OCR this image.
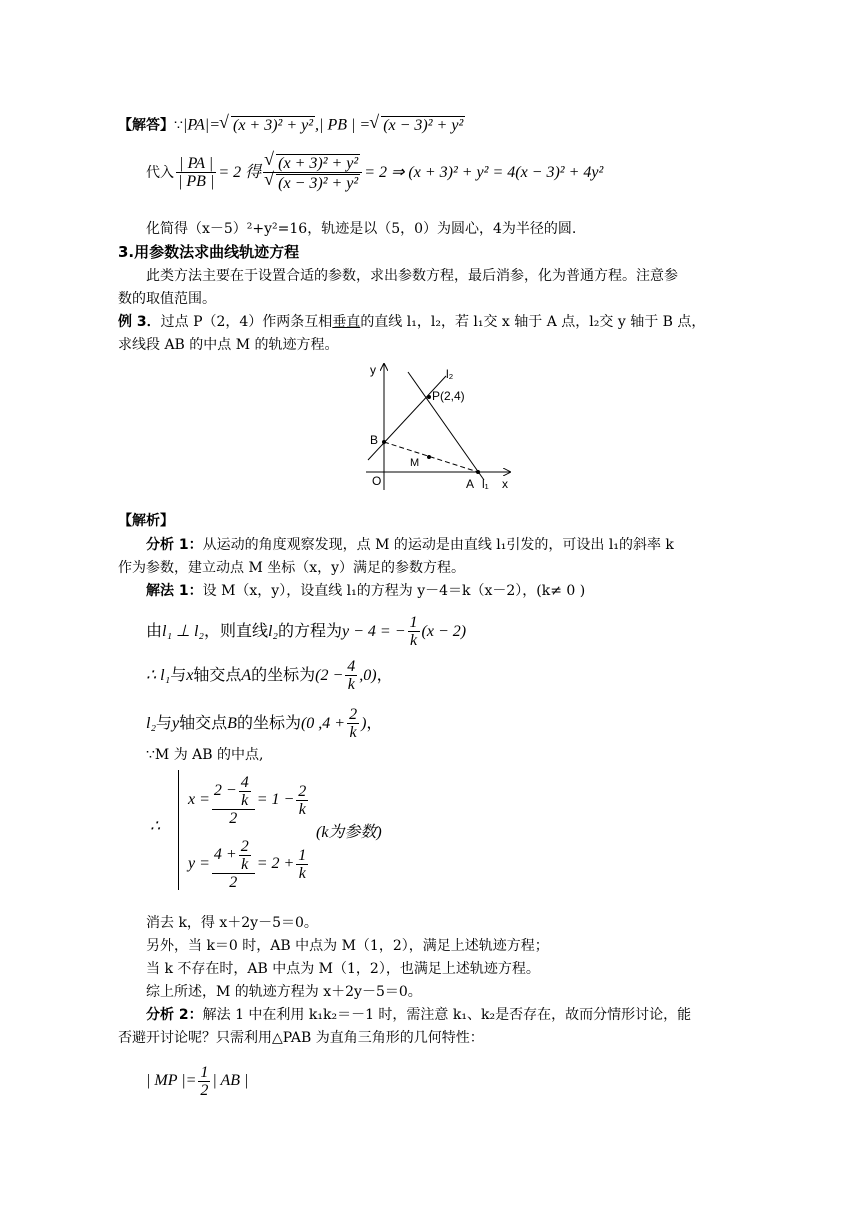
【解答】∵|PA|= √ (x + 3)² + y² ,| PB | = √ (x − 3)² + y²
代入 $\frac{| PA |}{| PB |} = 2$ 得 √ (x + 3)² + y²
√ (x − 3)² + y² = 2 ⇒ (x + 3)² + y² = 4(x − 3)² + 4y²
化简得（x－5）²+y²=16，轨迹是以（5，0）为圆心，4为半径的圆.
3.用参数法求曲线轨迹方程
此类方法主要在于设置合适的参数，求出参数方程，最后消参，化为普通方程。注意参
数的取值范围。
例 3．过点 P（2，4）作两条互相垂直的直线 l₁，l₂，若 l₁交 x 轴于 A 点，l₂交 y 轴于 B 点，
求线段 AB 的中点 M 的轨迹方程。
y
x
O
l₂
P(2,4)
B
M
A l₁
【解析】
分析 1：从运动的角度观察发现，点 M 的运动是由直线 l₁引发的，可设出 l₁的斜率 k
作为参数，建立动点 M 坐标（x，y）满足的参数方程。
解法 1：设 M（x，y），设直线 l₁的方程为 y－4＝k（x－2），(k≠ 0 )
由l₁ ⊥ l₂，则直线l₂的方程为y − 4 = − $\frac{1}{k} (x - 2)$
∴ l₁与x轴交点A的坐标为$(2 - \frac{4}{k} ,0)$，
l₂与y轴交点B的坐标为(0 $,4 + \frac{2}{k}$ )，
∵M 为 AB 的中点,
∴
$x = \frac{2 - \frac{4}{k}}{2} = 1 - \frac{2}{k}$
(k为参数)
$y = \frac{4 + \frac{2}{k}}{2} = 2 + \frac{1}{k}$
消去 k，得 x＋2y－5＝0。
另外，当 k＝0 时，AB 中点为 M（1，2），满足上述轨迹方程；
当 k 不存在时，AB 中点为 M（1，2），也满足上述轨迹方程。
综上所述，M 的轨迹方程为 x＋2y－5＝0。
分析 2：解法 1 中在利用 k₁k₂＝－1 时，需注意 k₁、k₂是否存在，故而分情形讨论，能
否避开讨论呢？只需利用△PAB 为直角三角形的几何特性：
| MP |= $\frac{1}{2}$ | AB |
